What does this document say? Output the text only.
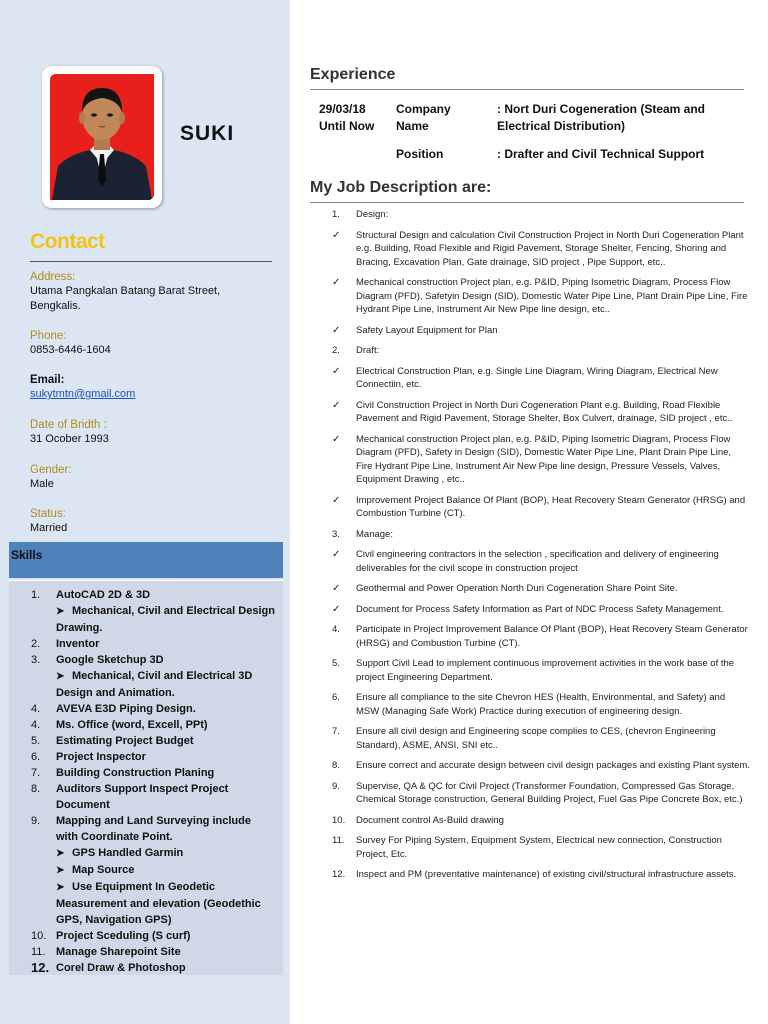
SUKI
Contact

Address:

Utama Pangkalan Batang Barat Street,

Bengkalis.

Phone:

0853-6446-1604

Email:

sukytmtn@gmail.com

Date of Bridth :

31 Ocober 1993

Gender:

Male

Status:

Married

Skills
1. AutoCAD 2D & 3D
➤ Mechanical, Civil and Electrical Design
Drawing.
2. Inventor
3. Google Sketchup 3D
➤ Mechanical, Civil and Electrical 3D
Design and Animation.
4. AVEVA E3D Piping Design.
4. Ms. Office (word, Excell, PPt)
5. Estimating Project Budget
6. Project Inspector
7. Building Construction Planing
8. Auditors Support Inspect Project
Document
9. Mapping and Land Surveying include
with Coordinate Point.
➤ GPS Handled Garmin
➤ Map Source
➤ Use Equipment In Geodetic
Measurement and elevation (Geodethic
GPS, Navigation GPS)
10. Project Sceduling (S curf)
11. Manage Sharepoint Site
12. Corel Draw & Photoshop
Experience
29/03/18
Until Now
Company
Name
: Nort Duri Cogeneration (Steam and
Electrical Distribution)
Position	: Drafter and Civil Technical Support
My Job Description are:
1. Design:
✓ Structural Design and calculation Civil Construction Project in North Duri Cogeneration Plant e.g. Building, Road Flexible and Rigid Pavement, Storage Shelter, Fencing, Shoring and Bracing, Excavation Plan, Gate drainage, SID project , Pipe Support, etc..
✓ Mechanical construction Project plan, e.g. P&ID, Piping Isometric Diagram, Process Flow Diagram (PFD), Safetyin Design (SID), Domestic Water Pipe Line, Plant Drain Pipe Line, Fire Hydrant Pipe Line, Instrument Air New Pipe line design, etc..
✓ Safety Layout Equipment for Plan
2. Draft:
✓ Electrical Construction Plan, e.g. Single Line Diagram, Wiring Diagram, Electrical New Connectiin, etc.
✓ Civil Construction Project in North Duri Cogeneration Plant e.g. Building, Road Flexible Pavement and Rigid Pavement, Storage Shelter, Box Culvert, drainage, SID project , etc..
✓ Mechanical construction Project plan, e.g. P&ID, Piping Isometric Diagram, Process Flow Diagram (PFD), Safety in Design (SID), Domestic Water Pipe Line, Plant Drain Pipe Line, Fire Hydrant Pipe Line, Instrument Air New Pipe line design, Pressure Vessels, Valves, Equipment Drawing , etc..
✓ Improvement Project Balance Of Plant (BOP), Heat Recovery Steam Generator (HRSG) and Combustion Turbine (CT).
3. Manage:
✓ Civil engineering contractors in the selection , specification and delivery of engineering deliverables for the civil scope in construction project
✓ Geothermal and Power Operation North Duri Cogeneration Share Point Site.
✓ Document for Process Safety Information as Part of NDC Process Safety Management.
4. Participate in Project Improvement Balance Of Plant (BOP), Heat Recovery Steam Generator (HRSG) and Combustion Turbine (CT).
5. Support Civil Lead to implement continuous improvement activities in the work base of the project Engineering Department.
6. Ensure all compliance to the site Chevron HES (Health, Environmental, and Safety) and MSW (Managing Safe Work) Practice during execution of engineering design.
7. Ensure all civil design and Engineering scope complies to CES, (chevron Engineering Standard), ASME, ANSI, SNI etc..
8. Ensure correct and accurate design between civil design packages and existing Plant system.
9. Supervise, QA & QC for Civil Project (Transformer Foundation, Compressed Gas Storage, Chemical Storage construction, General Building Project, Fuel Gas Pipe Concrete Box, etc.)
10. Document control As-Build drawing
11. Survey For Piping System, Equipment System, Electrical new connection, Construction Project, Etc.
12. Inspect and PM (preventative maintenance) of existing civil/structural infrastructure assets.
